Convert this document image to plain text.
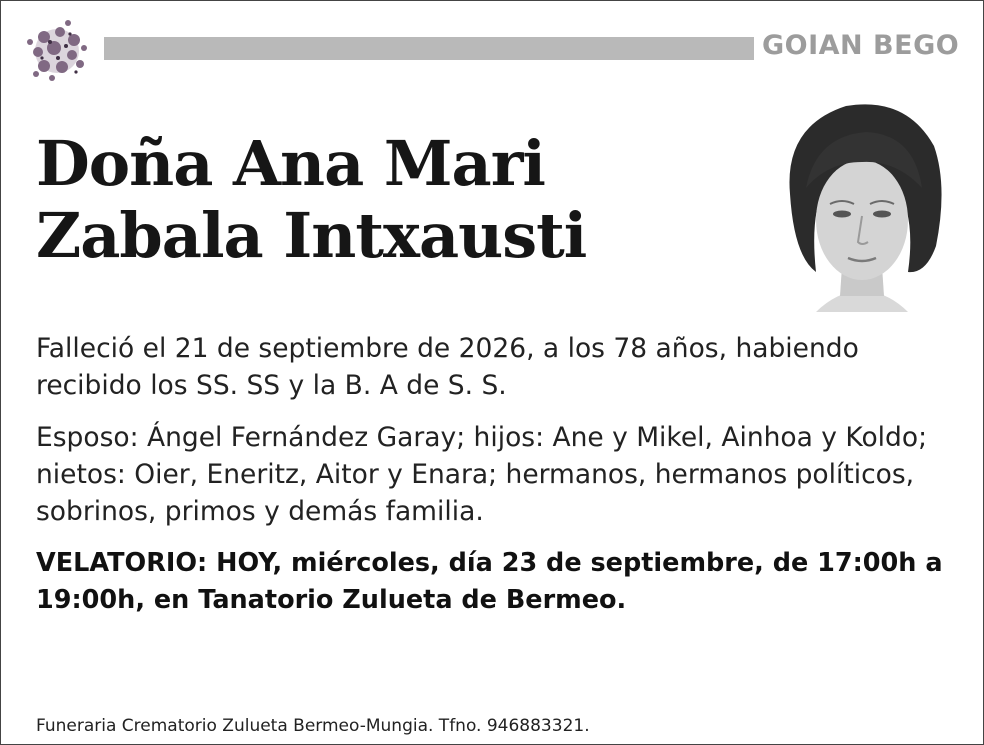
GOIAN BEGO
Doña Ana Mari
Zabala Intxausti

Falleció el 21 de septiembre de 2026, a los 78 años, habiendo recibido los SS. SS y la B. A de S. S.

Esposo: Ángel Fernández Garay; hijos: Ane y Mikel, Ainhoa y Koldo; nietos: Oier, Eneritz, Aitor y Enara; hermanos, hermanos políticos, sobrinos, primos y demás familia.

VELATORIO: HOY, miércoles, día 23 de septiembre, de 17:00h a 19:00h, en Tanatorio Zulueta de Bermeo.

Funeraria Crematorio Zulueta Bermeo-Mungia. Tfno. 946883321.
